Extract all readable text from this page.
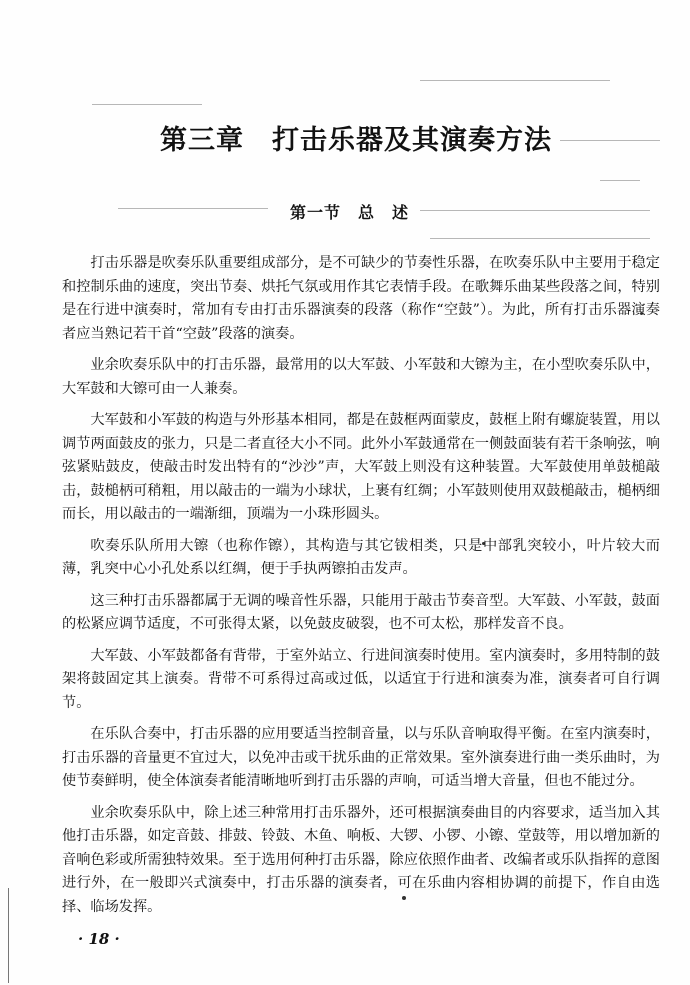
第三章　打击乐器及其演奏方法
第一节　总　述

打击乐器是吹奏乐队重要组成部分，是不可缺少的节奏性乐器，在吹奏乐队中主要用于稳定和控制乐曲的速度，突出节奏、烘托气氛或用作其它表情手段。在歌舞乐曲某些段落之间，特别是在行进中演奏时，常加有专由打击乐器演奏的段落（称作“空鼓”）。为此，所有打击乐器演奏者应当熟记若干首“空鼓”段落的演奏。

业余吹奏乐队中的打击乐器，最常用的以大军鼓、小军鼓和大镲为主，在小型吹奏乐队中，大军鼓和大镲可由一人兼奏。

大军鼓和小军鼓的构造与外形基本相同，都是在鼓框两面蒙皮，鼓框上附有螺旋装置，用以调节两面鼓皮的张力，只是二者直径大小不同。此外小军鼓通常在一侧鼓面装有若干条响弦，响弦紧贴鼓皮，使敲击时发出特有的“沙沙”声，大军鼓上则没有这种装置。大军鼓使用单鼓槌敲击，鼓槌柄可稍粗，用以敲击的一端为小球状，上裹有红绸；小军鼓则使用双鼓槌敲击，槌柄细而长，用以敲击的一端渐细，顶端为一小珠形圆头。

吹奏乐队所用大镲（也称作镲），其构造与其它钹相类，只是中部乳突较小，叶片较大而薄，乳突中心小孔处系以红绸，便于手执两镲拍击发声。

这三种打击乐器都属于无调的噪音性乐器，只能用于敲击节奏音型。大军鼓、小军鼓，鼓面的松紧应调节适度，不可张得太紧，以免鼓皮破裂，也不可太松，那样发音不良。

大军鼓、小军鼓都备有背带，于室外站立、行进间演奏时使用。室内演奏时，多用特制的鼓架将鼓固定其上演奏。背带不可系得过高或过低，以适宜于行进和演奏为准，演奏者可自行调节。

在乐队合奏中，打击乐器的应用要适当控制音量，以与乐队音响取得平衡。在室内演奏时，打击乐器的音量更不宜过大，以免冲击或干扰乐曲的正常效果。室外演奏进行曲一类乐曲时，为使节奏鲜明，使全体演奏者能清晰地听到打击乐器的声响，可适当增大音量，但也不能过分。

业余吹奏乐队中，除上述三种常用打击乐器外，还可根据演奏曲目的内容要求，适当加入其他打击乐器，如定音鼓、排鼓、铃鼓、木鱼、响板、大锣、小锣、小镲、堂鼓等，用以增加新的音响色彩或所需独特效果。至于选用何种打击乐器，除应依照作曲者、改编者或乐队指挥的意图进行外，在一般即兴式演奏中，打击乐器的演奏者，可在乐曲内容相协调的前提下，作自由选择、临场发挥。

· 18 ·
